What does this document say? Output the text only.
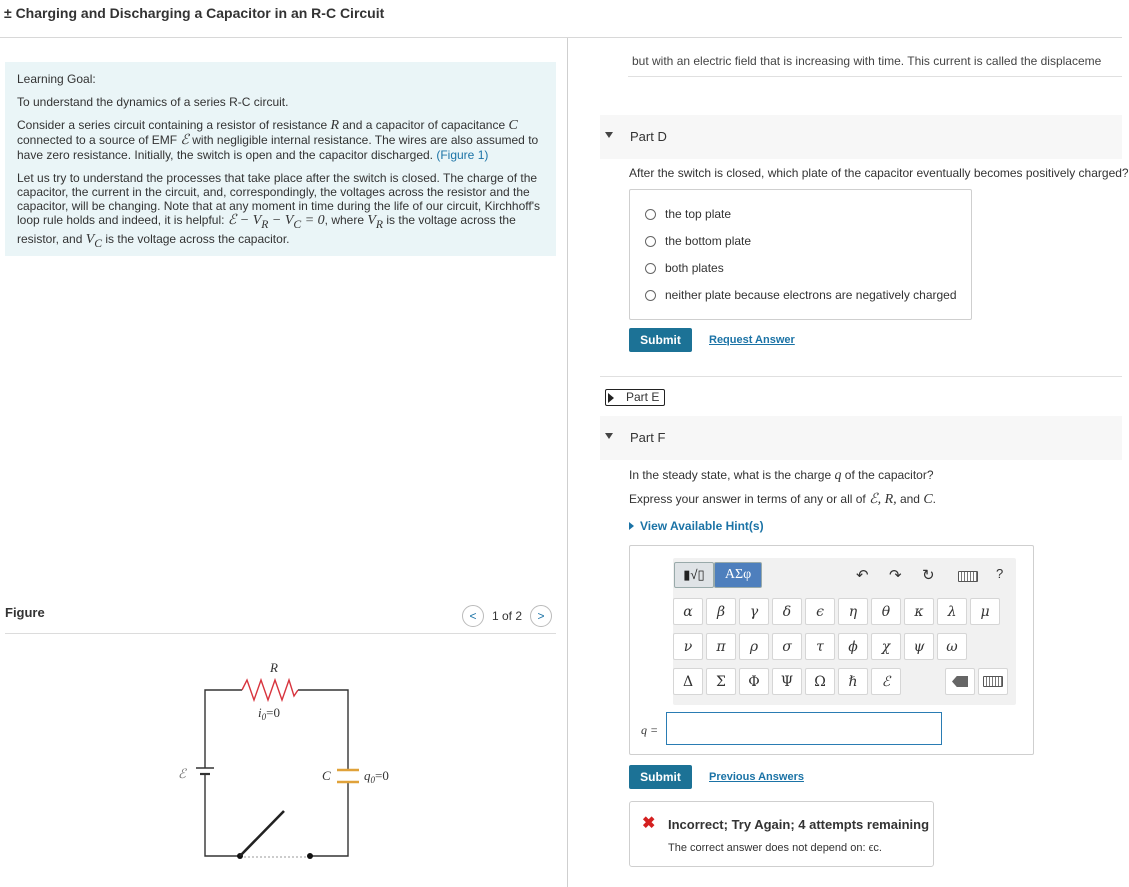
± Charging and Discharging a Capacitor in an R-C Circuit

Learning Goal:

To understand the dynamics of a series R-C circuit.

Consider a series circuit containing a resistor of resistance R and a capacitor of capacitance C connected to a source of EMF ℰ with negligible internal resistance. The wires are also assumed to have zero resistance. Initially, the switch is open and the capacitor discharged. (Figure 1)

Let us try to understand the processes that take place after the switch is closed. The charge of the capacitor, the current in the circuit, and, correspondingly, the voltages across the resistor and the capacitor, will be changing. Note that at any moment in time during the life of our circuit, Kirchhoff's loop rule holds and indeed, it is helpful: ℰ − $V_R - V_C = 0$, where $V_R$ is the voltage across the resistor, and $V_C$ is the voltage across the capacitor.

Figure	<	1 of 2	>
R
$i_0=0$
ℰ	C	$q_0=0$
but with an electric field that is increasing with time. This current is called the displaceme
Part D
After the switch is closed, which plate of the capacitor eventually becomes positively charged?
the top plate
the bottom plate
both plates
neither plate because electrons are negatively charged
Submit	Request Answer
Part E
Part F
In the steady state, what is the charge q of the capacitor?
Express your answer in terms of any or all of ℰ, R, and C.
View Available Hint(s)
▮√▯	ΑΣφ	↶ ↷ ↻	?
α	β	γ	δ	ϵ	η	θ	κ	λ	μ
ν	π	ρ	σ	τ	ϕ	χ	ψ	ω
Δ	Σ	Φ	Ψ	Ω	ℏ	ℰ
q =
Submit	Previous Answers
✖ Incorrect; Try Again; 4 attempts remaining
The correct answer does not depend on: ϵc.
